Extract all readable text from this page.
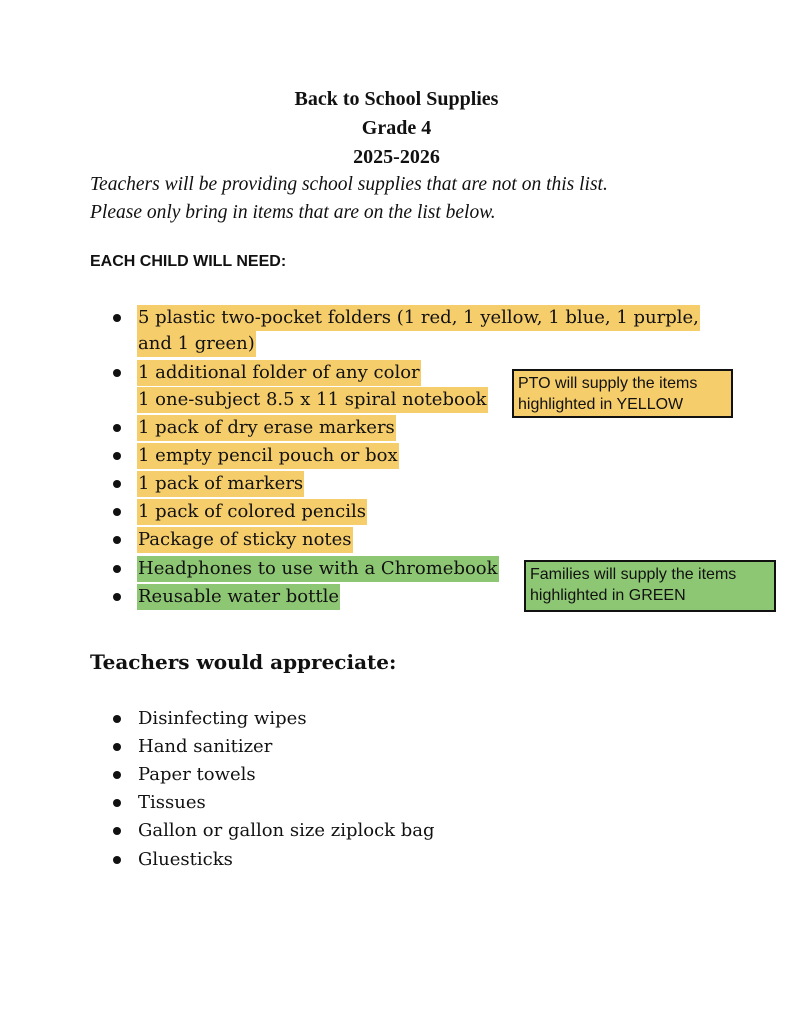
Back to School Supplies
Grade 4
2025-2026
Teachers will be providing school supplies that are not on this list.
Please only bring in items that are on the list below.
EACH CHILD WILL NEED:
5 plastic two-pocket folders (1 red, 1 yellow, 1 blue, 1 purple,
and 1 green)
1 additional folder of any color
1 one-subject 8.5 x 11 spiral notebook
1 pack of dry erase markers
1 empty pencil pouch or box
1 pack of markers
1 pack of colored pencils
Package of sticky notes
Headphones to use with a Chromebook
Reusable water bottle
PTO will supply the items
highlighted in YELLOW
Families will supply the items
highlighted in GREEN
Teachers would appreciate:
Disinfecting wipes
Hand sanitizer
Paper towels
Tissues
Gallon or gallon size ziplock bag
Gluesticks
